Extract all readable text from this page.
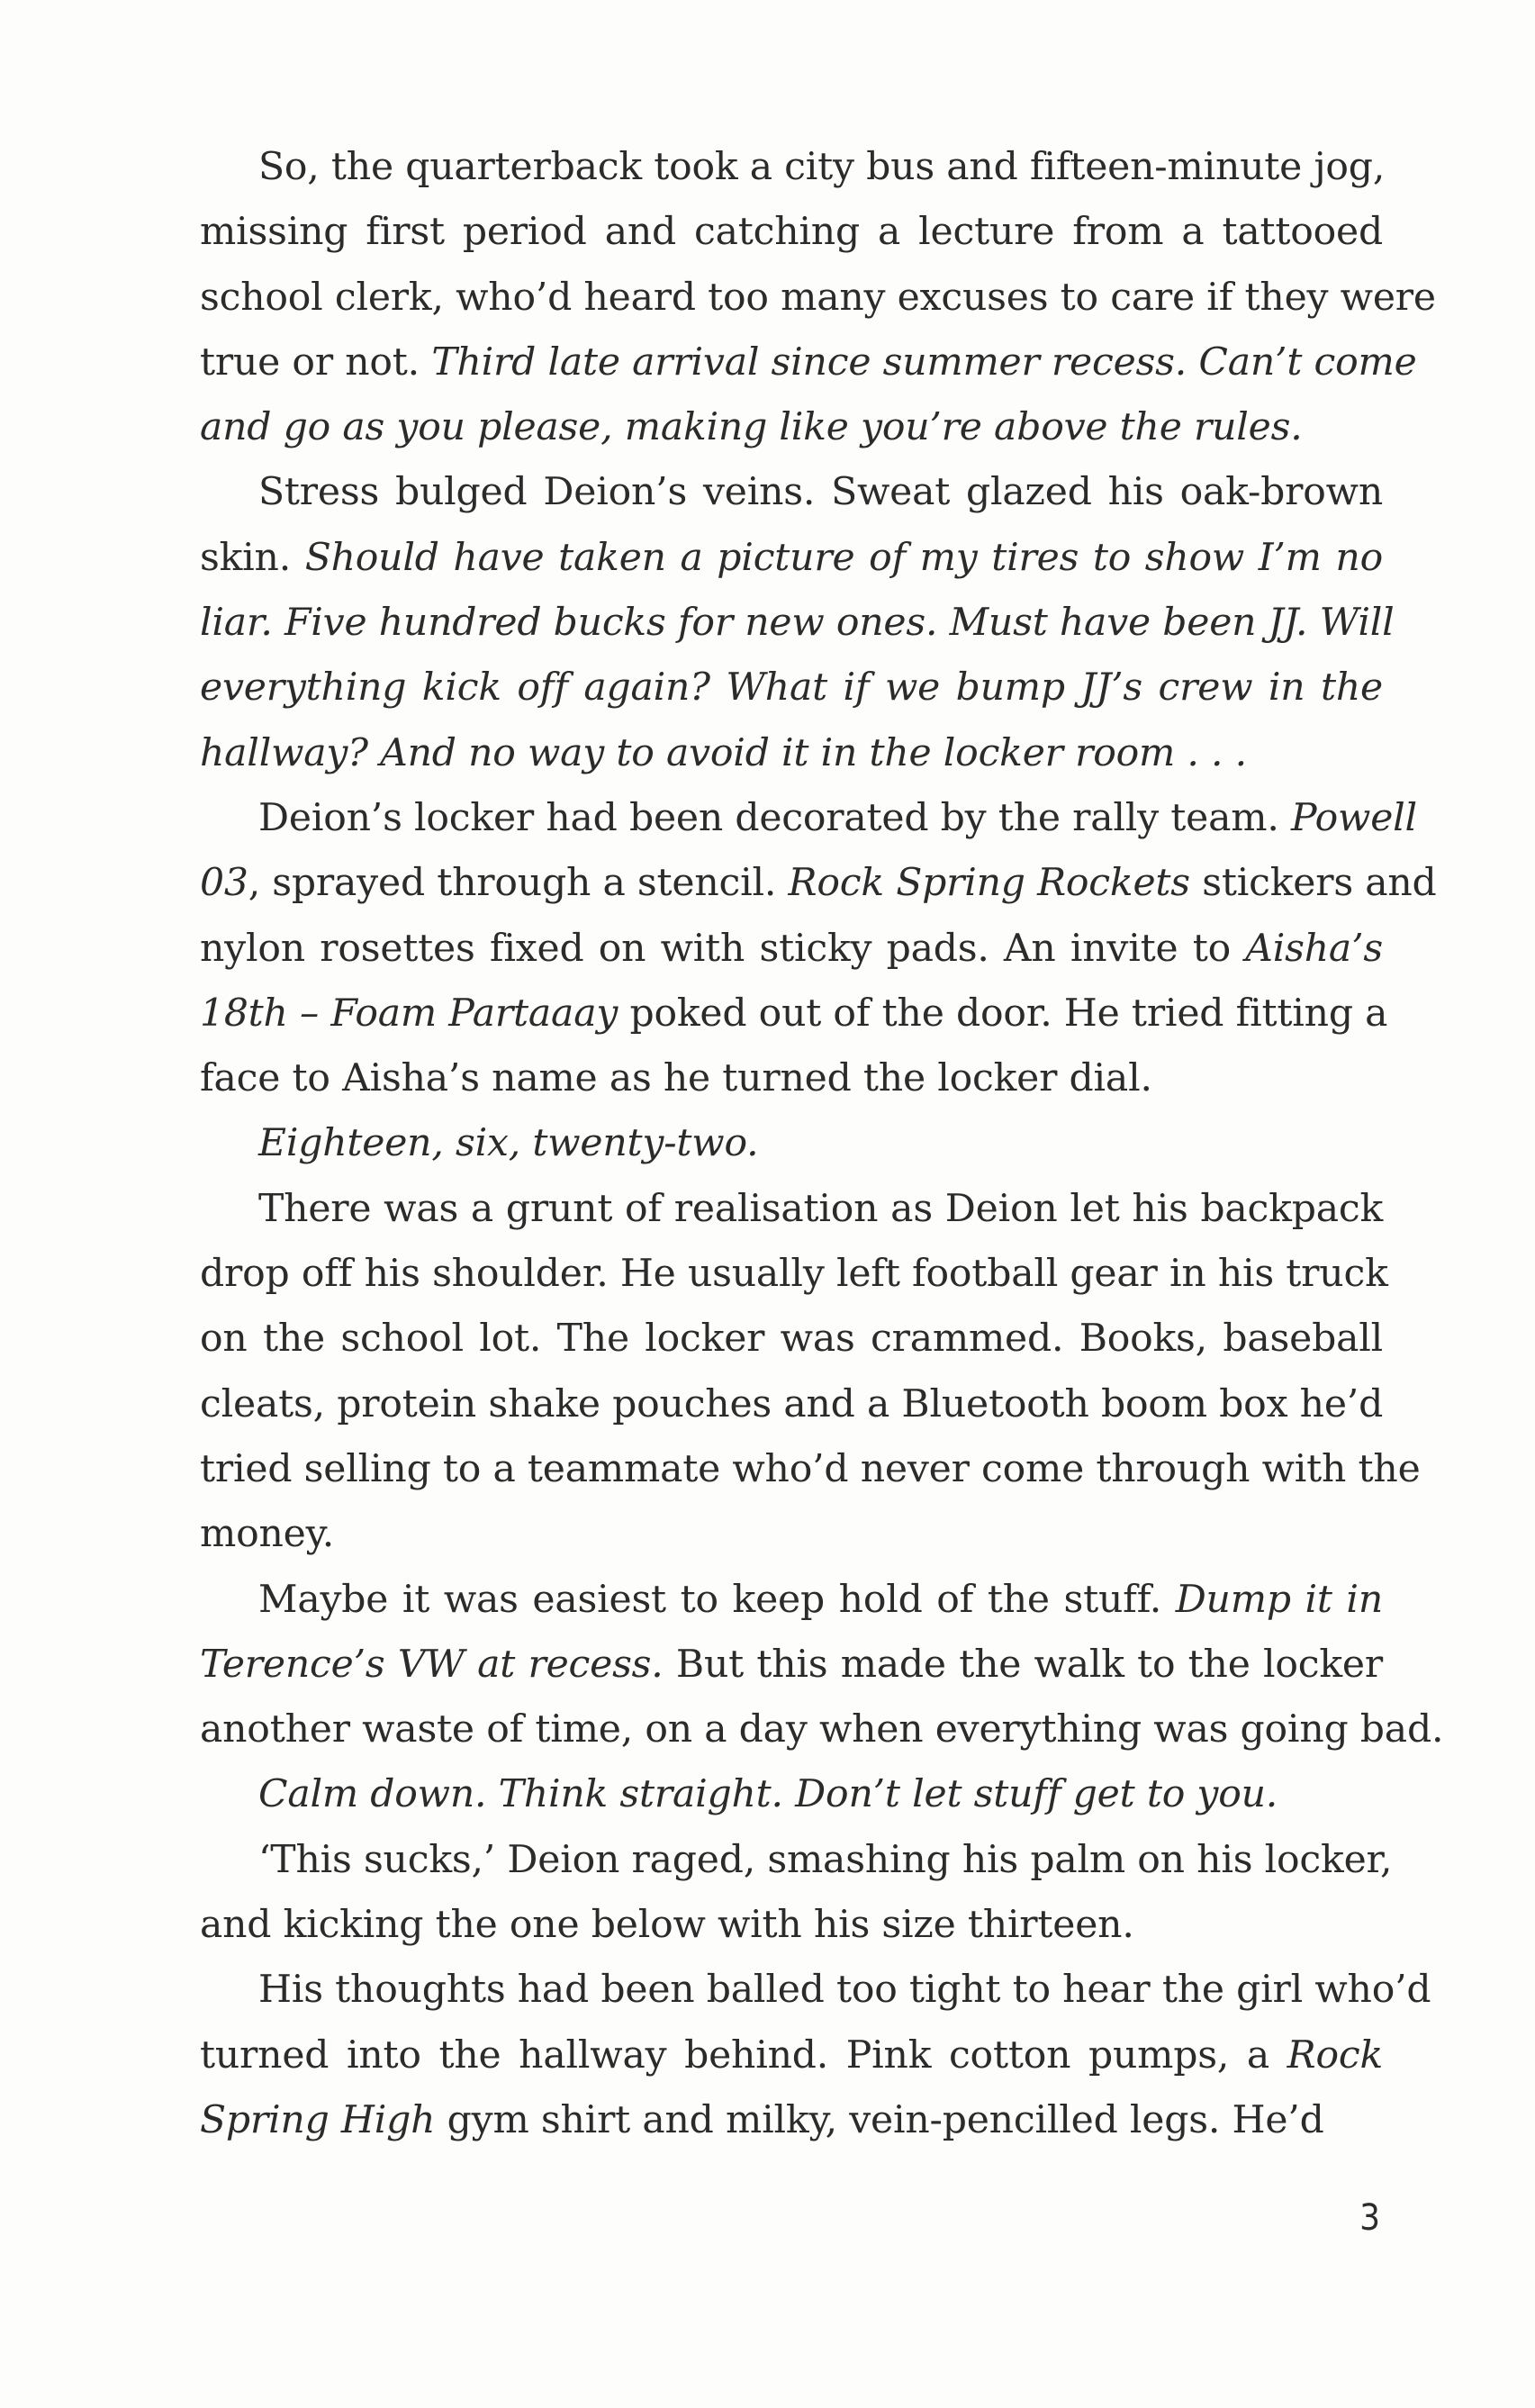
So, the quarterback took a city bus and fifteen-minute jog,
missing first period and catching a lecture from a tattooed
school clerk, who’d heard too many excuses to care if they were
true or not. Third late arrival since summer recess. Can’t come
and go as you please, making like you’re above the rules.
Stress bulged Deion’s veins. Sweat glazed his oak-brown
skin. Should have taken a picture of my tires to show I’m no
liar. Five hundred bucks for new ones. Must have been JJ. Will
everything kick off again? What if we bump JJ’s crew in the
hallway? And no way to avoid it in the locker room . . .
Deion’s locker had been decorated by the rally team. Powell
03, sprayed through a stencil. Rock Spring Rockets stickers and
nylon rosettes fixed on with sticky pads. An invite to Aisha’s
18th – Foam Partaaay poked out of the door. He tried fitting a
face to Aisha’s name as he turned the locker dial.
Eighteen, six, twenty-two.
There was a grunt of realisation as Deion let his backpack
drop off his shoulder. He usually left football gear in his truck
on the school lot. The locker was crammed. Books, baseball
cleats, protein shake pouches and a Bluetooth boom box he’d
tried selling to a teammate who’d never come through with the
money.
Maybe it was easiest to keep hold of the stuff. Dump it in
Terence’s VW at recess. But this made the walk to the locker
another waste of time, on a day when everything was going bad.
Calm down. Think straight. Don’t let stuff get to you.
‘This sucks,’ Deion raged, smashing his palm on his locker,
and kicking the one below with his size thirteen.
His thoughts had been balled too tight to hear the girl who’d
turned into the hallway behind. Pink cotton pumps, a Rock
Spring High gym shirt and milky, vein-pencilled legs. He’d
3
